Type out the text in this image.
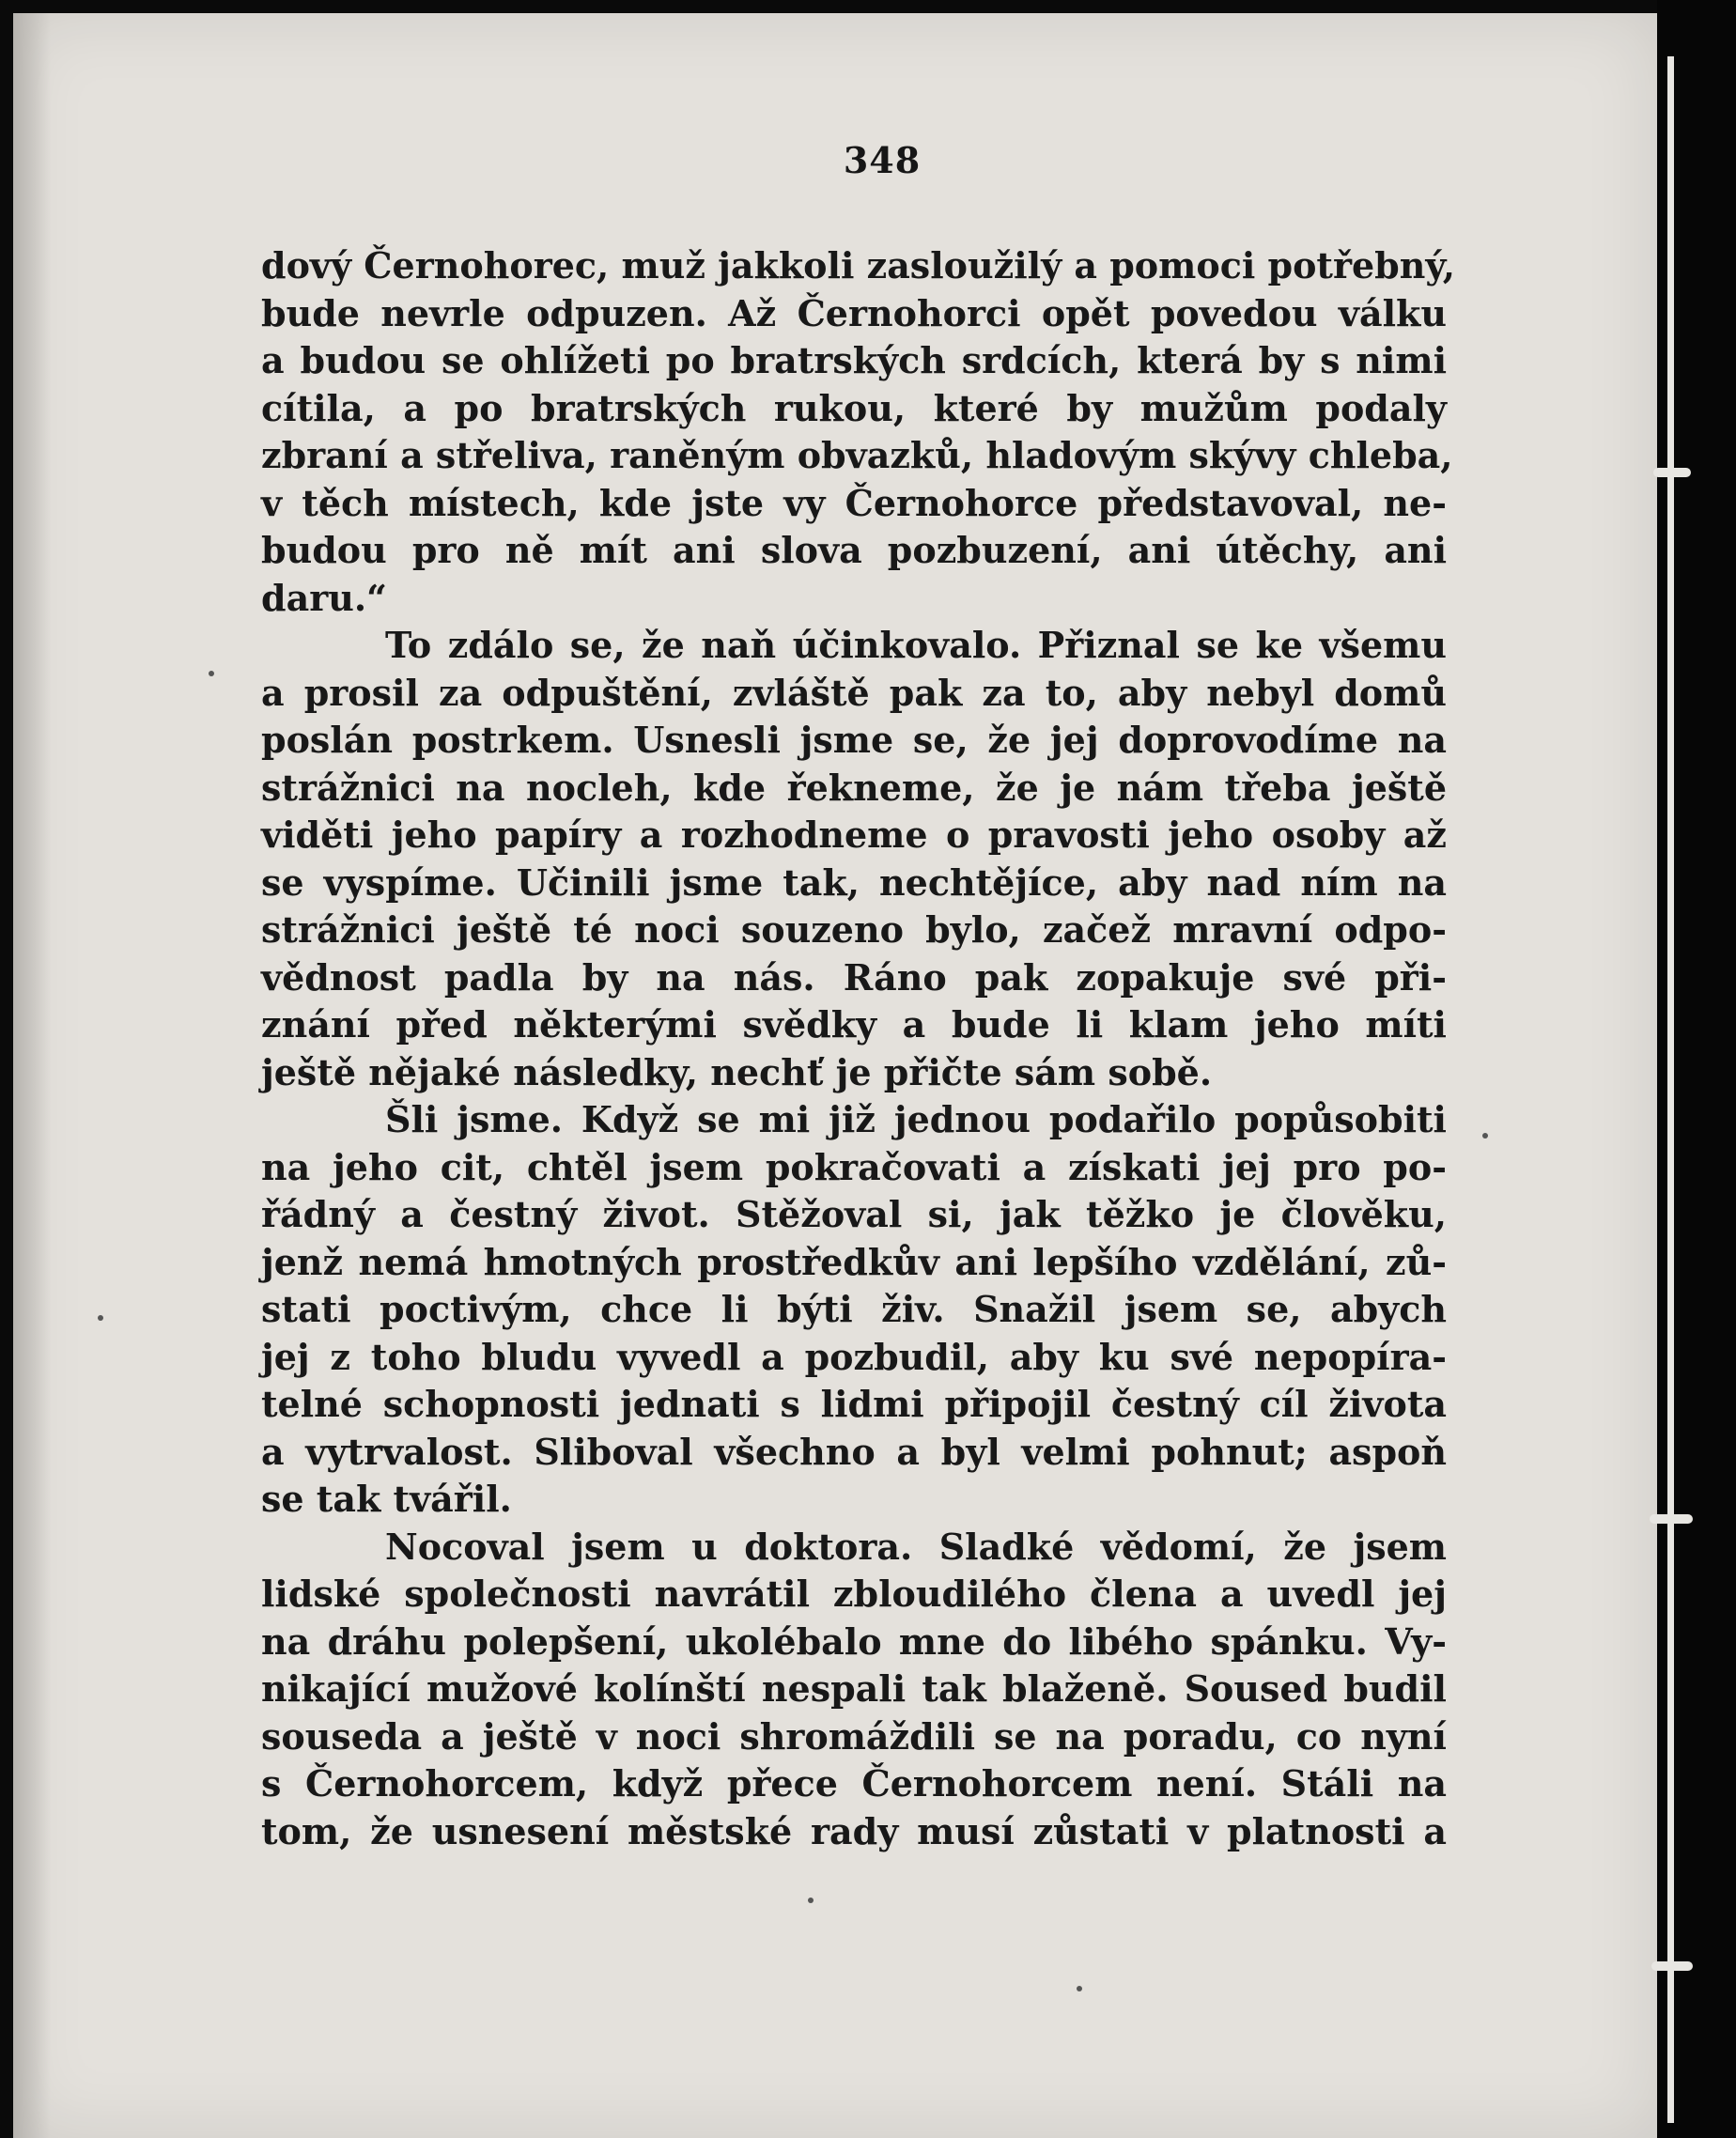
348
dový Černohorec, muž jakkoli zasloužilý a pomoci potřebný,
bude nevrle odpuzen. Až Černohorci opět povedou válku
a budou se ohlížeti po bratrských srdcích, která by s nimi
cítila, a po bratrských rukou, které by mužům podaly
zbraní a střeliva, raněným obvazků, hladovým skývy chleba,
v těch místech, kde jste vy Černohorce představoval, ne-
budou pro ně mít ani slova pozbuzení, ani útěchy, ani
daru.“
To zdálo se, že naň účinkovalo. Přiznal se ke všemu
a prosil za odpuštění, zvláště pak za to, aby nebyl domů
poslán postrkem. Usnesli jsme se, že jej doprovodíme na
strážnici na nocleh, kde řekneme, že je nám třeba ještě
viděti jeho papíry a rozhodneme o pravosti jeho osoby až
se vyspíme. Učinili jsme tak, nechtějíce, aby nad ním na
strážnici ještě té noci souzeno bylo, začež mravní odpo-
vědnost padla by na nás. Ráno pak zopakuje své při-
znání před některými svědky a bude li klam jeho míti
ještě nějaké následky, nechť je přičte sám sobě.
Šli jsme. Když se mi již jednou podařilo popůsobiti
na jeho cit, chtěl jsem pokračovati a získati jej pro po-
řádný a čestný život. Stěžoval si, jak těžko je člověku,
jenž nemá hmotných prostředkův ani lepšího vzdělání, zů-
stati poctivým, chce li býti živ. Snažil jsem se, abych
jej z toho bludu vyvedl a pozbudil, aby ku své nepopíra-
telné schopnosti jednati s lidmi připojil čestný cíl života
a vytrvalost. Sliboval všechno a byl velmi pohnut; aspoň
se tak tvářil.
Nocoval jsem u doktora. Sladké vědomí, že jsem
lidské společnosti navrátil zbloudilého člena a uvedl jej
na dráhu polepšení, ukolébalo mne do libého spánku. Vy-
nikající mužové kolínští nespali tak blaženě. Soused budil
souseda a ještě v noci shromáždili se na poradu, co nyní
s Černohorcem, když přece Černohorcem není. Stáli na
tom, že usnesení městské rady musí zůstati v platnosti a
